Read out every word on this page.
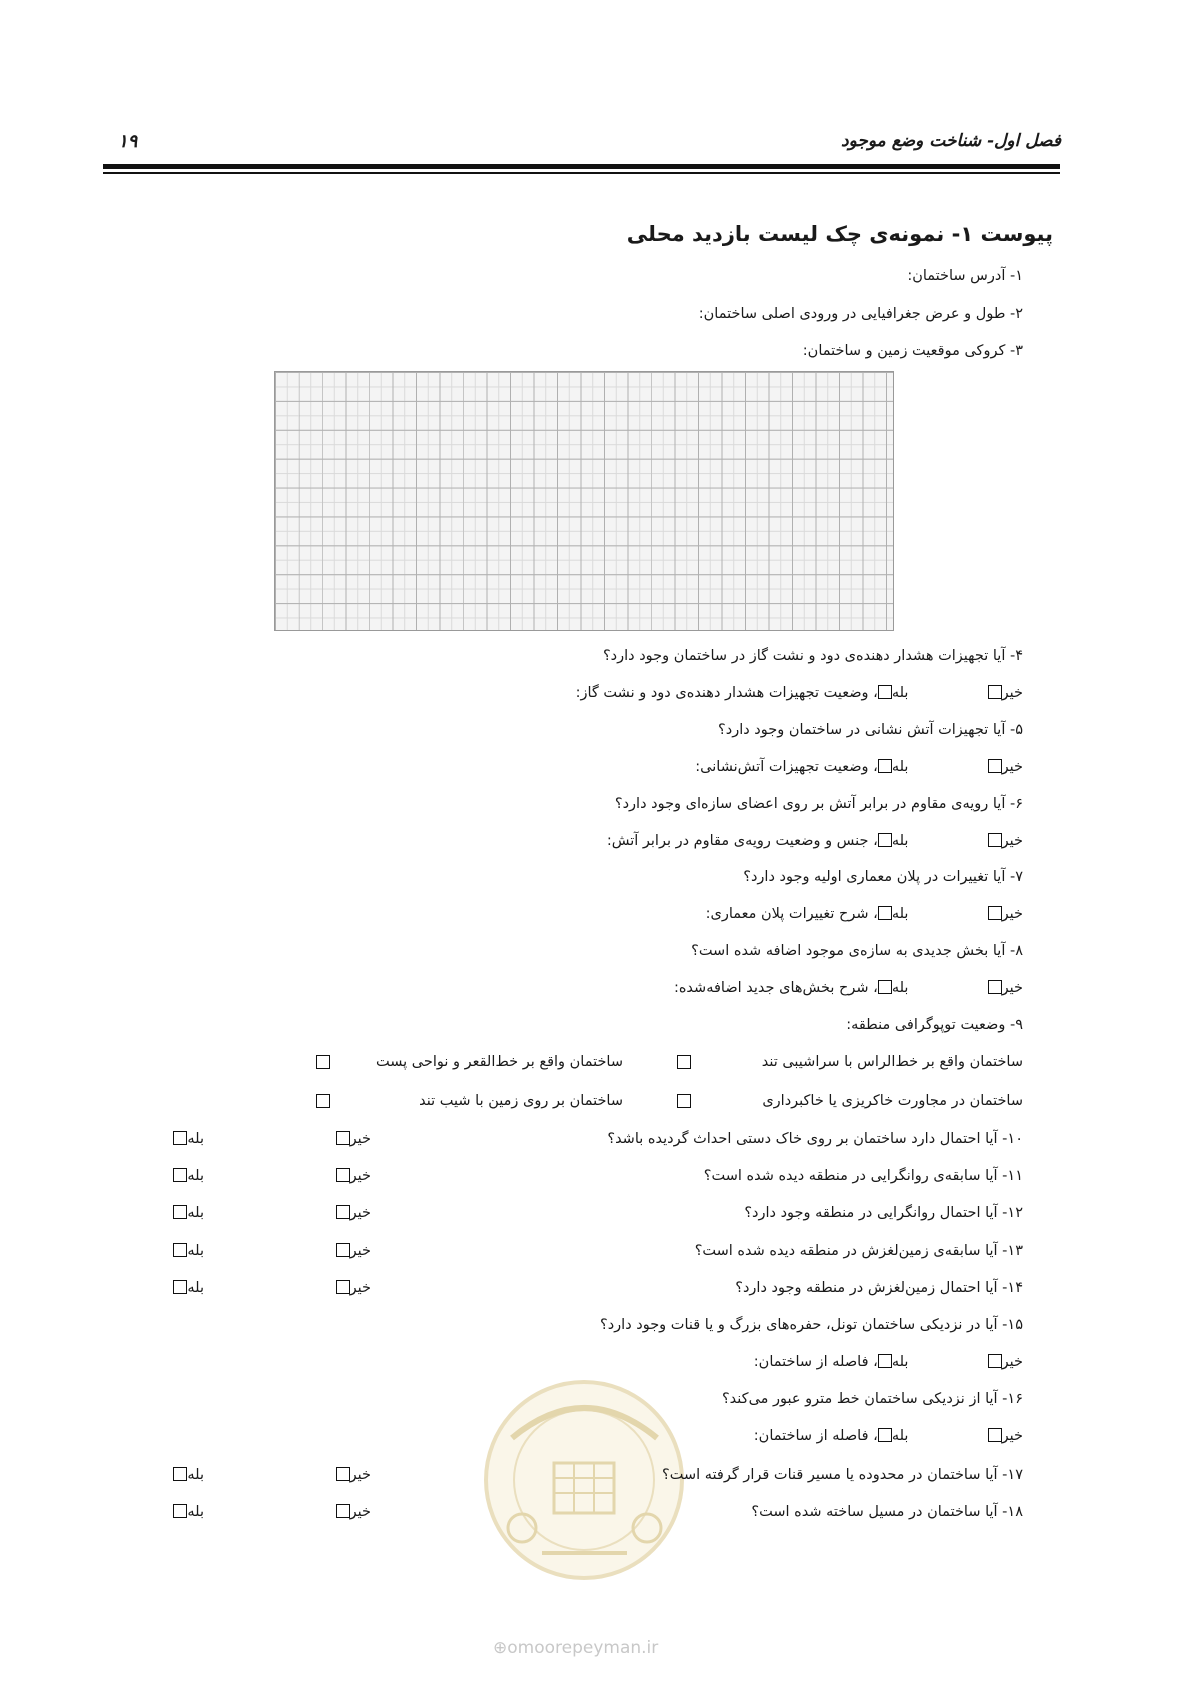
فصل اول- شناخت وضع موجود
۱۹
پیوست ۱- نمونه‌ی چک لیست بازدید محلی
۱- آدرس ساختمان:
۲- طول و عرض جغرافیایی در ورودی اصلی ساختمان:
۳- کروکی موقعیت زمین و ساختمان:
۴- آیا تجهیزات هشدار دهنده‌ی دود و نشت گاز در ساختمان وجود دارد؟
خیر  بله، وضعیت تجهیزات هشدار دهنده‌ی دود و نشت گاز:
۵- آیا تجهیزات آتش نشانی در ساختمان وجود دارد؟
خیر  بله، وضعیت تجهیزات آتش‌نشانی:
۶- آیا رویه‌ی مقاوم در برابر آتش بر روی اعضای سازه‌ای وجود دارد؟
خیر  بله، جنس و وضعیت رویه‌ی مقاوم در برابر آتش:
۷- آیا تغییرات در پلان معماری اولیه وجود دارد؟
خیر  بله، شرح تغییرات پلان معماری:
۸- آیا بخش جدیدی به سازه‌ی موجود اضافه شده است؟
خیر  بله، شرح بخش‌های جدید اضافه‌شده:
۹- وضعیت توپوگرافی منطقه:
ساختمان واقع بر خط‌الراس با سراشیبی تند
ساختمان واقع بر خط‌القعر و نواحی پست
ساختمان در مجاورت خاکریزی یا خاکبرداری
ساختمان بر روی زمین با شیب تند
۱۰- آیا احتمال دارد ساختمان بر روی خاک دستی احداث گردیده باشد؟
خیر
بله
۱۱- آیا سابقه‌ی روانگرایی در منطقه دیده شده است؟
خیر
بله
۱۲- آیا احتمال روانگرایی در منطقه وجود دارد؟
خیر
بله
۱۳- آیا سابقه‌ی زمین‌لغزش در منطقه دیده شده است؟
خیر
بله
۱۴- آیا احتمال زمین‌لغزش در منطقه وجود دارد؟
خیر
بله
۱۵- آیا در نزدیکی ساختمان تونل، حفره‌های بزرگ و یا قنات وجود دارد؟
خیر  بله، فاصله از ساختمان:
۱۶- آیا از نزدیکی ساختمان خط مترو عبور می‌کند؟
خیر  بله، فاصله از ساختمان:
⊕omoorepeyman.ir
۱۷- آیا ساختمان در محدوده یا مسیر قنات قرار گرفته است؟
خیر
بله
۱۸- آیا ساختمان در مسیل ساخته شده است؟
خیر
بله
